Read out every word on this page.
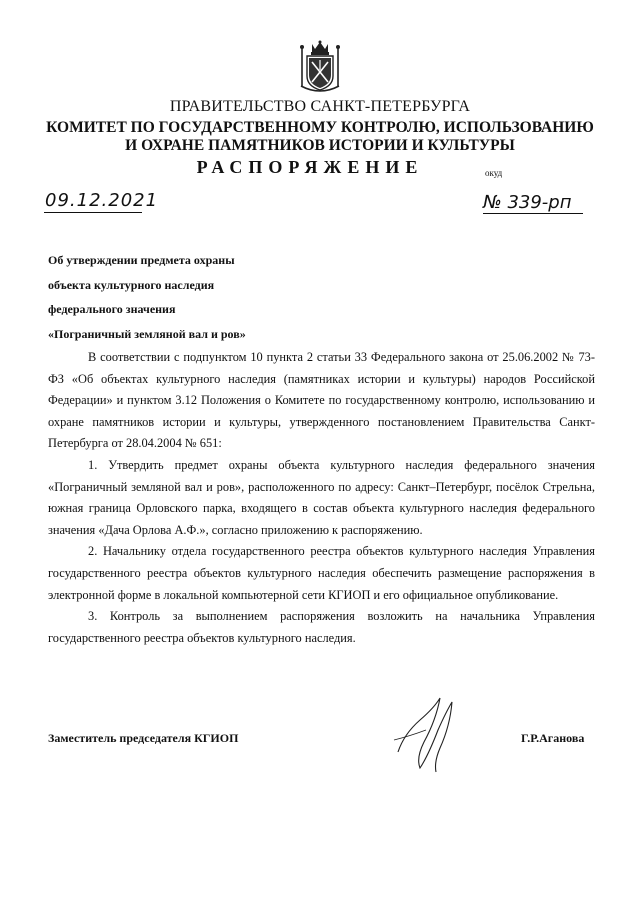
ПРАВИТЕЛЬСТВО САНКТ-ПЕТЕРБУРГА
КОМИТЕТ ПО ГОСУДАРСТВЕННОМУ КОНТРОЛЮ, ИСПОЛЬЗОВАНИЮ
И ОХРАНЕ ПАМЯТНИКОВ ИСТОРИИ И КУЛЬТУРЫ
РАСПОРЯЖЕНИЕ	окуд
09.12.2021	№ 339-рп
Об утверждении предмета охраны
объекта культурного наследия
федерального значения
«Пограничный земляной вал и ров»

В соответствии с подпунктом 10 пункта 2 статьи 33 Федерального закона от 25.06.2002 № 73-ФЗ «Об объектах культурного наследия (памятниках истории и культуры) народов Российской Федерации» и пунктом 3.12 Положения о Комитете по государственному контролю, использованию и охране памятников истории и культуры, утвержденного постановлением Правительства Санкт-Петербурга от 28.04.2004 № 651:

1. Утвердить предмет охраны объекта культурного наследия федерального значения «Пограничный земляной вал и ров», расположенного по адресу: Санкт–Петербург, посёлок Стрельна, южная граница Орловского парка, входящего в состав объекта культурного наследия федерального значения «Дача Орлова А.Ф.», согласно приложению к распоряжению.

2. Начальнику отдела государственного реестра объектов культурного наследия Управления государственного реестра объектов культурного наследия обеспечить размещение распоряжения в электронной форме в локальной компьютерной сети КГИОП и его официальное опубликование.

3. Контроль за выполнением распоряжения возложить на начальника Управления государственного реестра объектов культурного наследия.

Заместитель председателя КГИОП	Г.Р.Аганова
